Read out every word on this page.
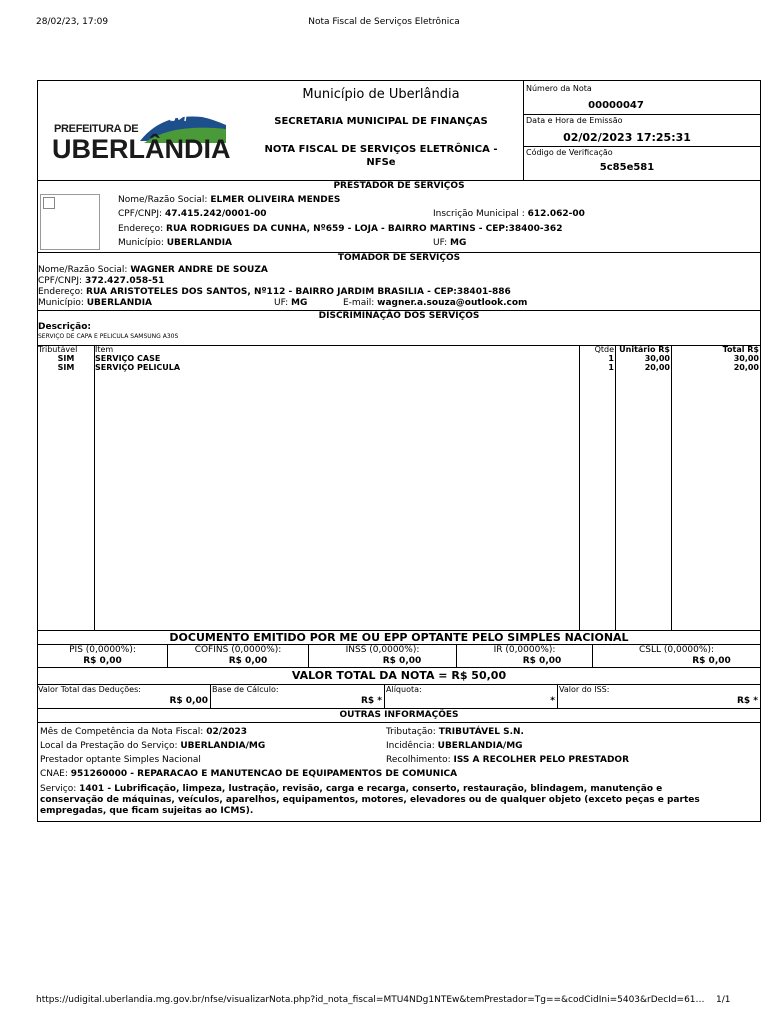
28/02/23, 17:09	Nota Fiscal de Serviços Eletrônica
PREFEITURA DE
UBERLÂNDIA
Município de Uberlândia
SECRETARIA MUNICIPAL DE FINANÇAS
NOTA FISCAL DE SERVIÇOS ELETRÔNICA -
NFSe
Número da Nota
00000047
Data e Hora de Emissão
02/02/2023 17:25:31
Código de Verificação
5c85e581
PRESTADOR DE SERVIÇOS
Nome/Razão Social: ELMER OLIVEIRA MENDES
CPF/CNPJ: 47.415.242/0001-00	Inscrição Municipal : 612.062-00
Endereço: RUA RODRIGUES DA CUNHA, Nº659 - LOJA - BAIRRO MARTINS - CEP:38400-362
Município: UBERLANDIA	UF: MG
TOMADOR DE SERVIÇOS
Nome/Razão Social: WAGNER ANDRE DE SOUZA
CPF/CNPJ: 372.427.058-51
Endereço: RUA ARISTOTELES DOS SANTOS, Nº112 - BAIRRO JARDIM BRASILIA - CEP:38401-886
Município: UBERLANDIA	UF: MG	E-mail: wagner.a.souza@outlook.com
DISCRIMINAÇÃO DOS SERVIÇOS
Descrição:
SERVIÇO DE CAPA E PELICULA SAMSUNG A30S
Tributável Item	Qtde Unitário R$	Total R$
SIM	SERVIÇO CASE	1	30,00	30,00
SIM	SERVIÇO PELICULA	1	20,00	20,00
DOCUMENTO EMITIDO POR ME OU EPP OPTANTE PELO SIMPLES NACIONAL
PIS (0,0000%):
R$ 0,00
COFINS (0,0000%):
R$ 0,00
INSS (0,0000%):
R$ 0,00
IR (0,0000%):
R$ 0,00
CSLL (0,0000%):
R$ 0,00
VALOR TOTAL DA NOTA = R$ 50,00
Valor Total das Deduções:
R$ 0,00
Base de Cálculo:
R$ *
Alíquota:
*
Valor do ISS:
R$ *
OUTRAS INFORMAÇÕES
Mês de Competência da Nota Fiscal: 02/2023	Tributação: TRIBUTÁVEL S.N.
Local da Prestação do Serviço: UBERLANDIA/MG	Incidência: UBERLANDIA/MG
Prestador optante Simples Nacional	Recolhimento: ISS A RECOLHER PELO PRESTADOR
CNAE: 951260000 - REPARACAO E MANUTENCAO DE EQUIPAMENTOS DE COMUNICA
Serviço: 1401 - Lubrificação, limpeza, lustração, revisão, carga e recarga, conserto, restauração, blindagem, manutenção e
conservação de máquinas, veículos, aparelhos, equipamentos, motores, elevadores ou de qualquer objeto (exceto peças e partes
empregadas, que ficam sujeitas ao ICMS).
https://udigital.uberlandia.mg.gov.br/nfse/visualizarNota.php?id_nota_fiscal=MTU4NDg1NTEw&temPrestador=Tg==&codCidIni=5403&rDecId=61…	1/1
